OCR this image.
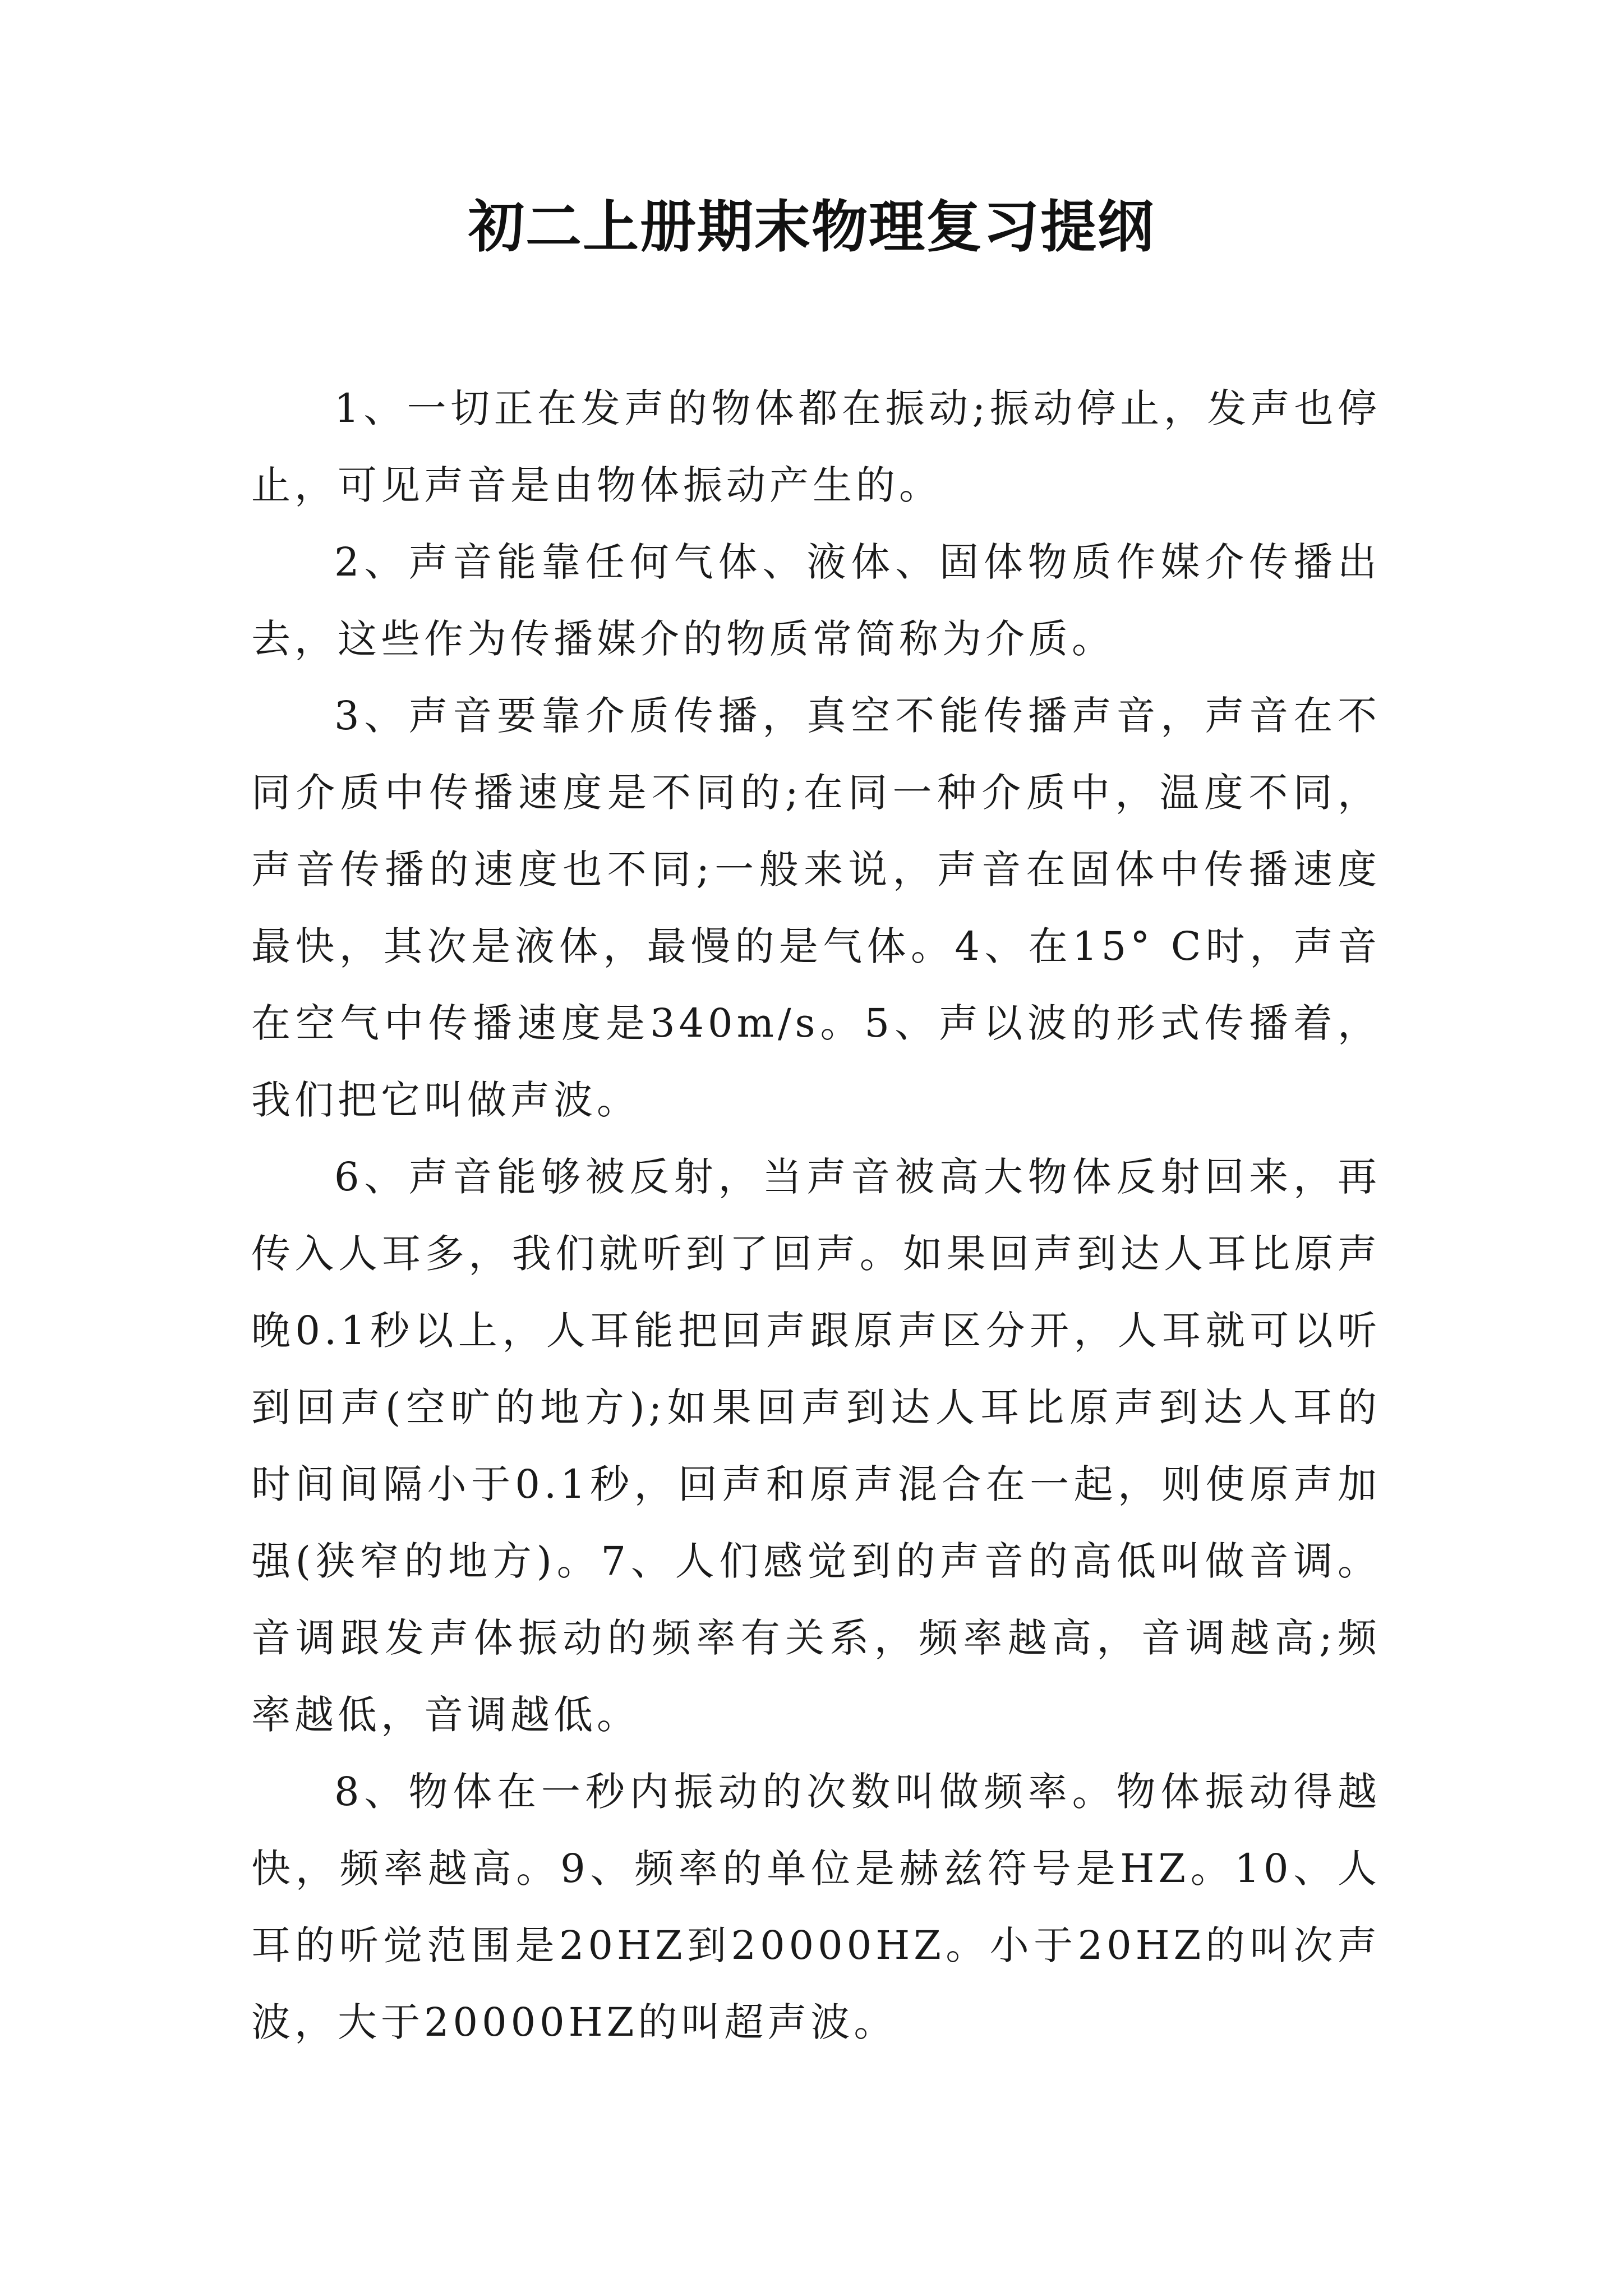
初二上册期末物理复习提纲

1、一切正在发声的物体都在振动;振动停止，发声也停止，可见声音是由物体振动产生的。

2、声音能靠任何气体、液体、固体物质作媒介传播出去，这些作为传播媒介的物质常简称为介质。

3、声音要靠介质传播，真空不能传播声音，声音在不同介质中传播速度是不同的;在同一种介质中，温度不同，声音传播的速度也不同;一般来说，声音在固体中传播速度最快，其次是液体，最慢的是气体。4、在15° C时，声音在空气中传播速度是340m/s。5、声以波的形式传播着，我们把它叫做声波。

6、声音能够被反射，当声音被高大物体反射回来，再传入人耳多，我们就听到了回声。如果回声到达人耳比原声晚0.1秒以上，人耳能把回声跟原声区分开，人耳就可以听到回声(空旷的地方);如果回声到达人耳比原声到达人耳的时间间隔小于0.1秒，回声和原声混合在一起，则使原声加强(狭窄的地方)。7、人们感觉到的声音的高低叫做音调。音调跟发声体振动的频率有关系，频率越高，音调越高;频率越低，音调越低。

8、物体在一秒内振动的次数叫做频率。物体振动得越快，频率越高。9、频率的单位是赫兹符号是HZ。10、人耳的听觉范围是20HZ到20000HZ。小于20HZ的叫次声波，大于20000HZ的叫超声波。
